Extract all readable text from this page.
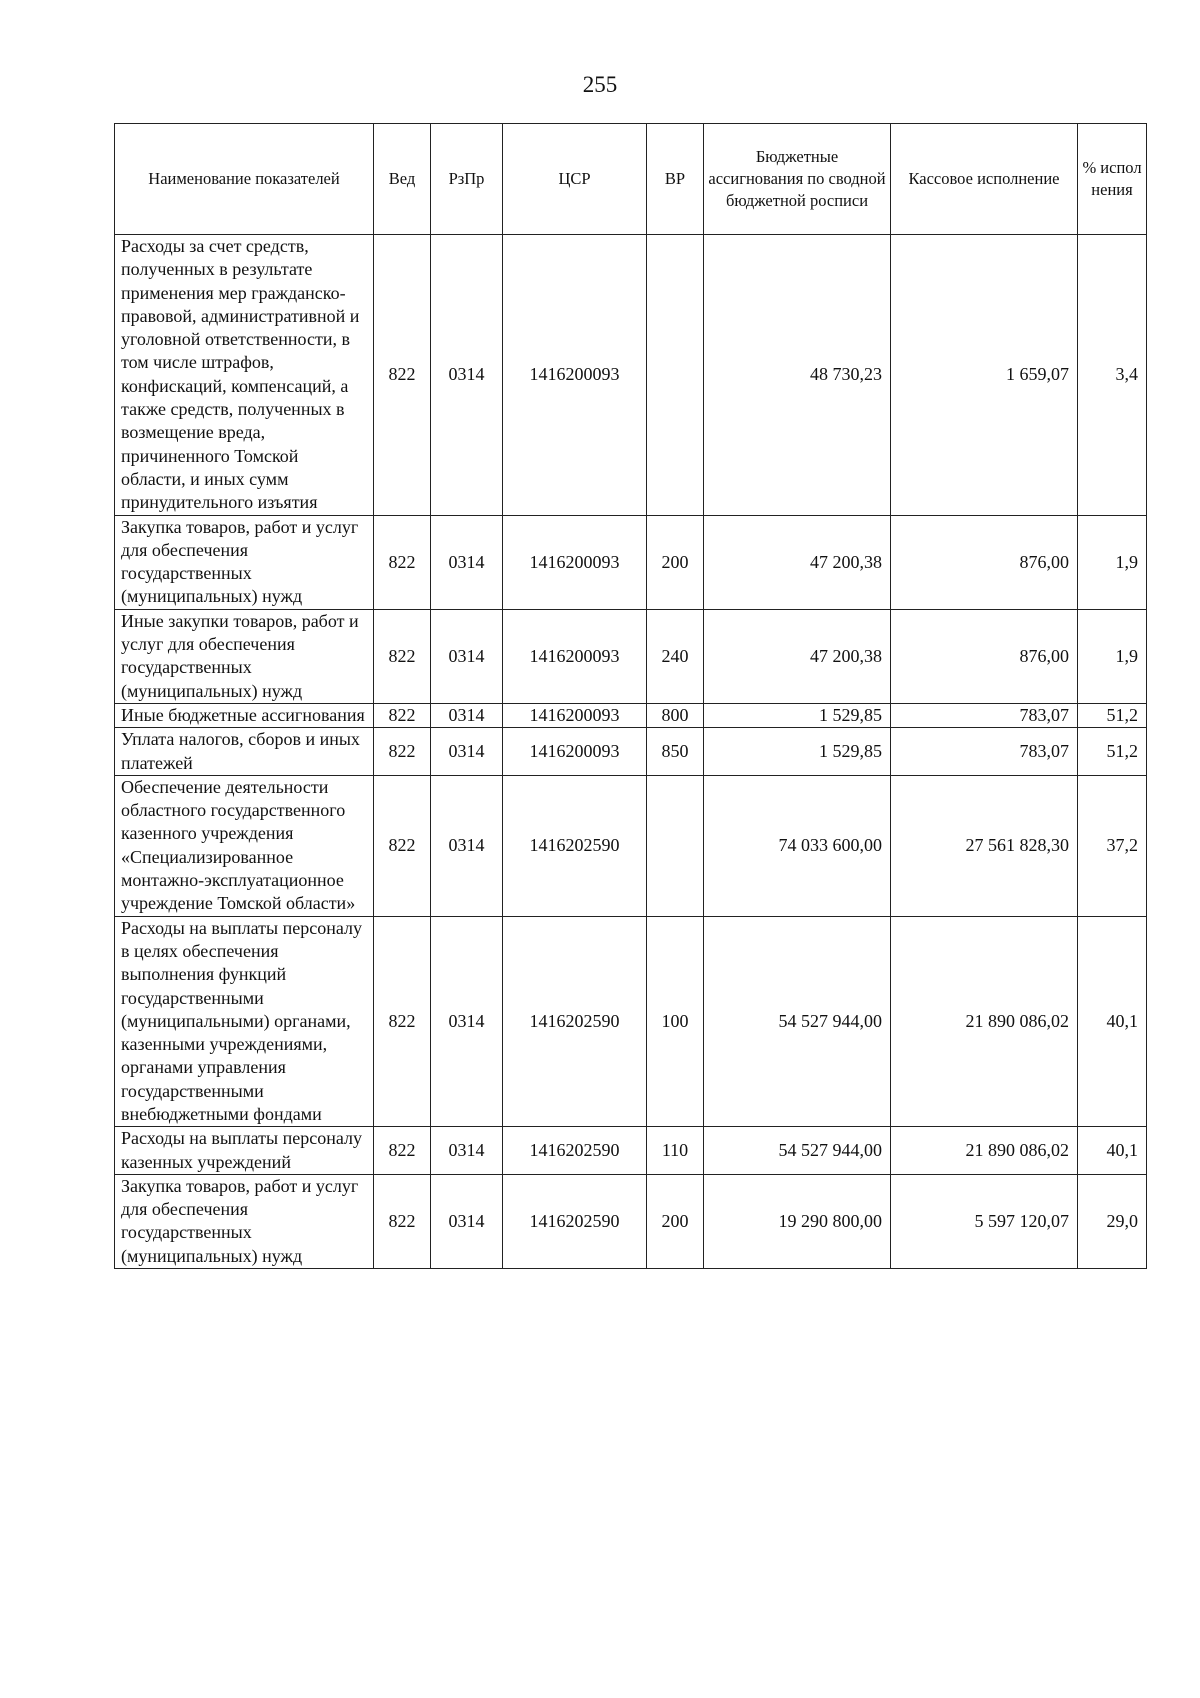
255
Наименование показателей	Вед	РзПр	ЦСР	ВР	Бюджетные ассигнования по сводной бюджетной росписи	Кассовое исполнение	% испол нения
Расходы за счет средств, полученных в результате применения мер гражданско-правовой, административной и уголовной ответственности, в том числе штрафов, конфискаций, компенсаций, а также средств, полученных в возмещение вреда, причиненного Томской области, и иных сумм принудительного изъятия	822	0314	1416200093		48 730,23	1 659,07	3,4
Закупка товаров, работ и услуг для обеспечения государственных (муниципальных) нужд	822	0314	1416200093	200	47 200,38	876,00	1,9
Иные закупки товаров, работ и услуг для обеспечения государственных (муниципальных) нужд	822	0314	1416200093	240	47 200,38	876,00	1,9
Иные бюджетные ассигнования	822	0314	1416200093	800	1 529,85	783,07	51,2
Уплата налогов, сборов и иных платежей	822	0314	1416200093	850	1 529,85	783,07	51,2
Обеспечение деятельности областного государственного казенного учреждения «Специализированное монтажно-эксплуатационное учреждение Томской области»	822	0314	1416202590		74 033 600,00	27 561 828,30	37,2
Расходы на выплаты персоналу в целях обеспечения выполнения функций государственными (муниципальными) органами, казенными учреждениями, органами управления государственными внебюджетными фондами	822	0314	1416202590	100	54 527 944,00	21 890 086,02	40,1
Расходы на выплаты персоналу казенных учреждений	822	0314	1416202590	110	54 527 944,00	21 890 086,02	40,1
Закупка товаров, работ и услуг для обеспечения государственных (муниципальных) нужд	822	0314	1416202590	200	19 290 800,00	5 597 120,07	29,0
